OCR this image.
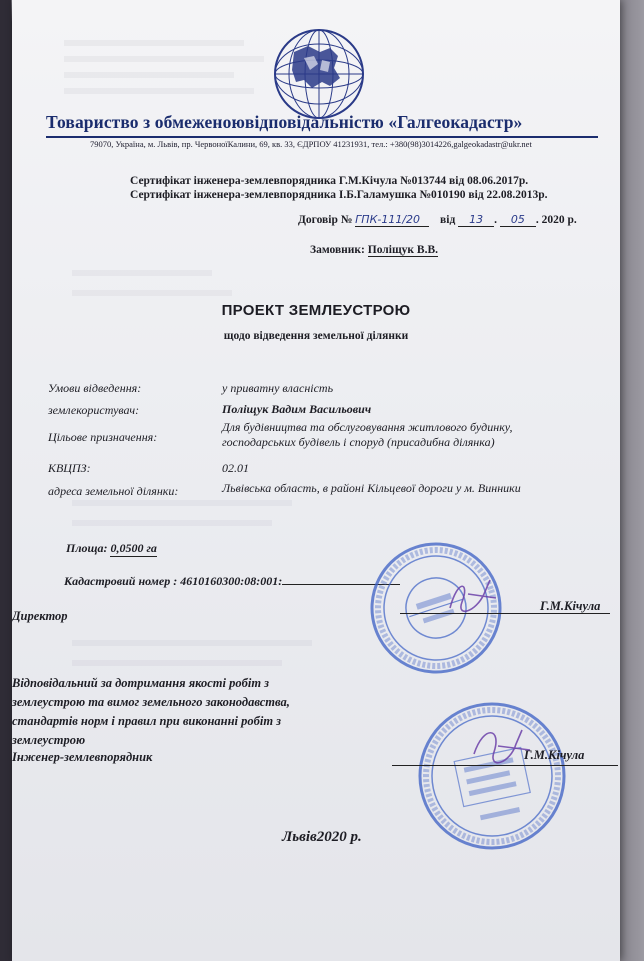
Товариство з обмеженоювідповідальністю «Галгеокадастр»
79070, Україна, м. Львів, пр. ЧервоноїКалини, 69, кв. 33, ЄДРПОУ 41231931, тел.: +380(98)3014226,galgeokadastr@ukr.net
Сертифікат інженера-землевпорядника Г.М.Кічула №013744 від 08.06.2017р.
Сертифікат інженера-землевпорядника І.Б.Галамушка №010190 від 22.08.2013р.
Договір № ГПК-111/20 від 13 . 05 . 2020 р.
Замовник: Поліщук В.В.
ПРОЕКТ ЗЕМЛЕУСТРОЮ
щодо відведення земельної ділянки
Умови відведення:	у приватну власність
землекористувач:	Поліщук Вадим Васильович
Цільове призначення:
Для будівництва та обслуговування житлового будинку,
господарських будівель і споруд (присадибна ділянка)
КВЦПЗ:	02.01
адреса земельної ділянки:	Львівська область, в районі Кільцевої дороги у м. Винники
Площа: 0,0500 га
Кадастровий номер : 4610160300:08:001:
Директор
Г.М.Кічула
Відповідальний за дотримання якості робіт з
землеустрою та вимог земельного законодавства,
стандартів норм і правил при виконанні робіт з
землеустрою
Інженер-землевпорядник	Г.М.Кічула
Львів2020 р.
